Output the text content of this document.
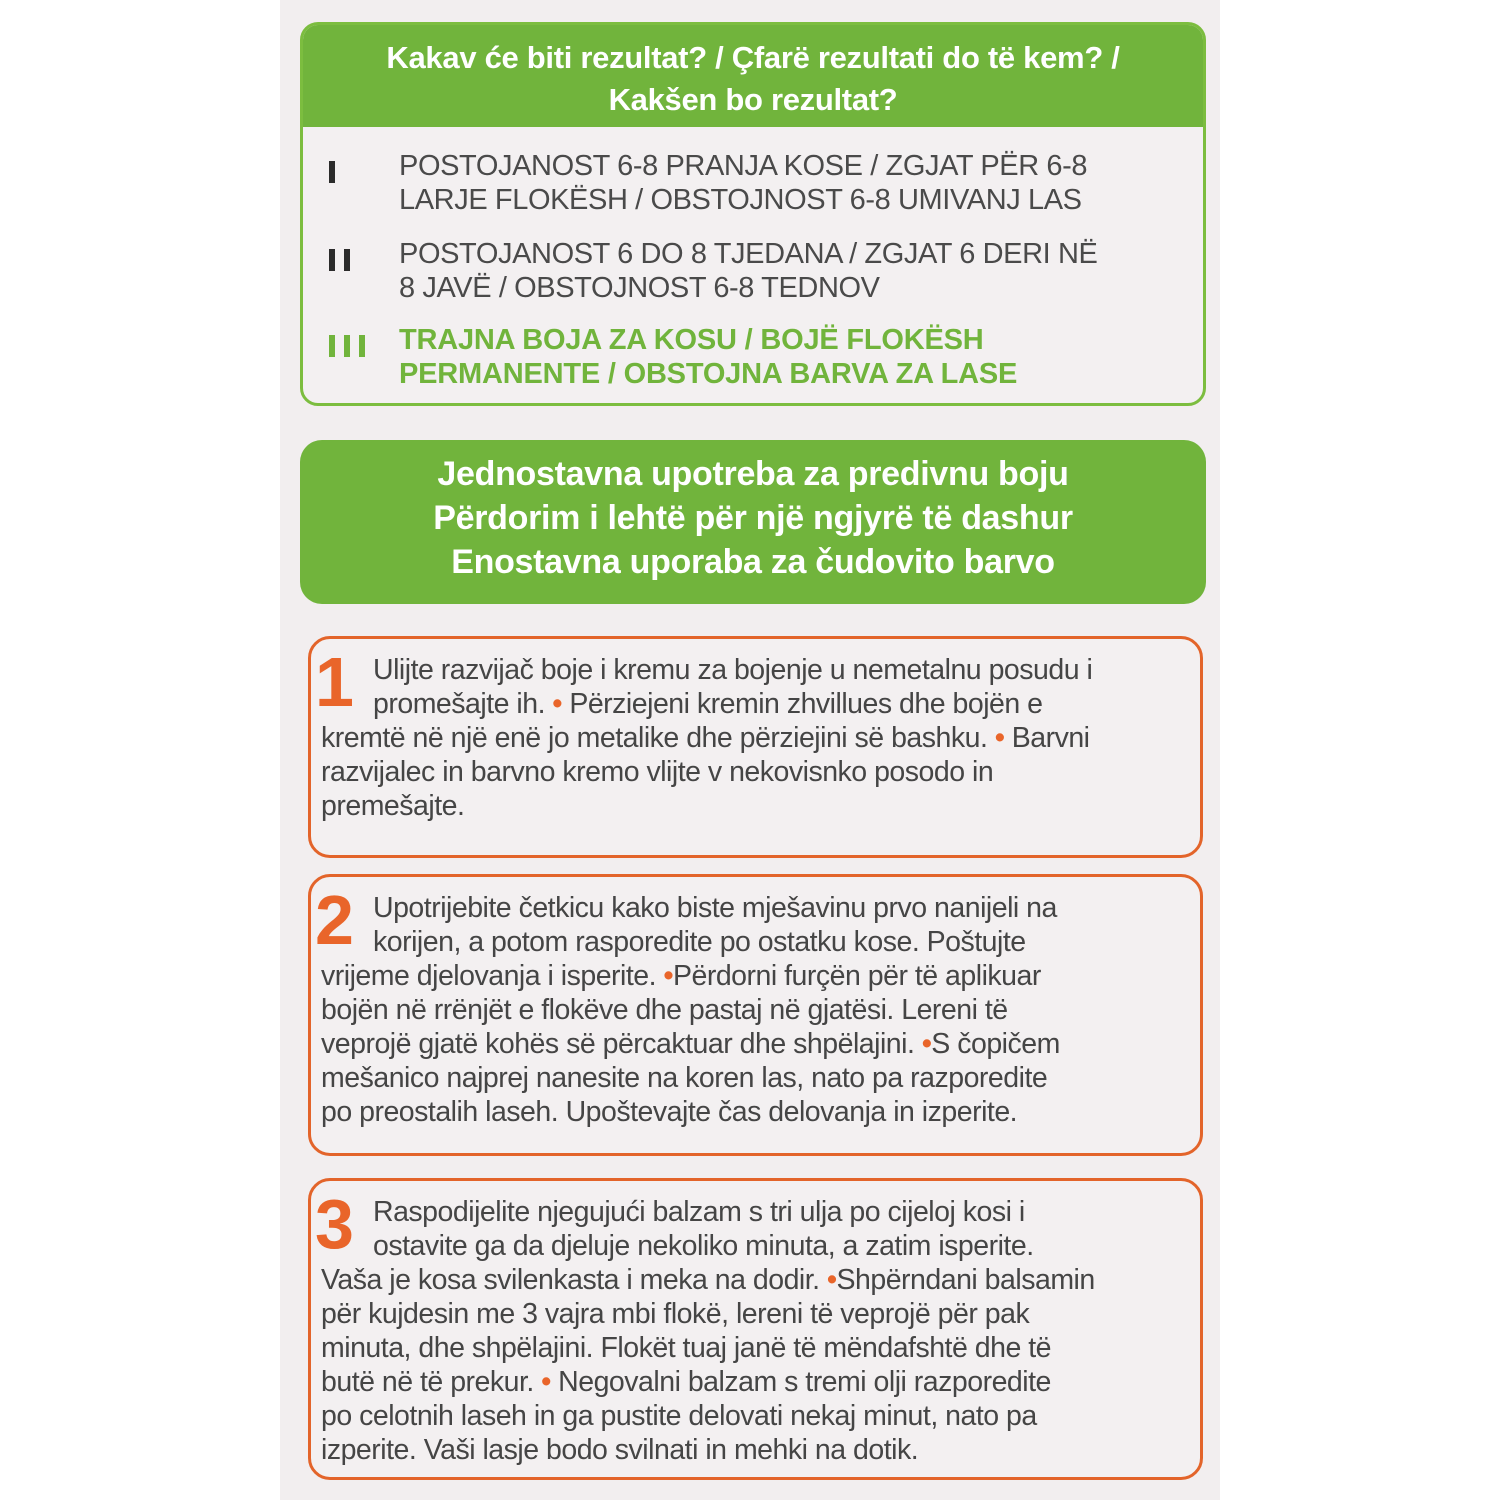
Kakav će biti rezultat? / Çfarë rezultati do të kem? /
Kakšen bo rezultat?
POSTOJANOST 6-8 PRANJA KOSE / ZGJAT PËR 6-8
LARJE FLOKËSH / OBSTOJNOST 6-8 UMIVANJ LAS
POSTOJANOST 6 DO 8 TJEDANA / ZGJAT 6 DERI NË
8 JAVË / OBSTOJNOST 6-8 TEDNOV
TRAJNA BOJA ZA KOSU / BOJË FLOKËSH
PERMANENTE / OBSTOJNA BARVA ZA LASE
Jednostavna upotreba za predivnu boju
Përdorim i lehtë për një ngjyrë të dashur
Enostavna uporaba za čudovito barvo
1 Ulijte razvijač boje i kremu za bojenje u nemetalnu posudu i
promešajte ih. • Përziejeni kremin zhvillues dhe bojën e
kremtë në një enë jo metalike dhe përziejini së bashku. • Barvni
razvijalec in barvno kremo vlijte v nekovisnko posodo in
premešajte.
2 Upotrijebite četkicu kako biste mješavinu prvo nanijeli na
korijen, a potom rasporedite po ostatku kose. Poštujte
vrijeme djelovanja i isperite. •Përdorni furçën për të aplikuar
bojën në rrënjët e flokëve dhe pastaj në gjatësi. Lereni të
veprojë gjatë kohës së përcaktuar dhe shpëlajini. •S čopičem
mešanico najprej nanesite na koren las, nato pa razporedite
po preostalih laseh. Upoštevajte čas delovanja in izperite.
3 Raspodijelite njegujući balzam s tri ulja po cijeloj kosi i
ostavite ga da djeluje nekoliko minuta, a zatim isperite.
Vaša je kosa svilenkasta i meka na dodir. •Shpërndani balsamin
për kujdesin me 3 vajra mbi flokë, lereni të veprojë për pak
minuta, dhe shpëlajini. Flokët tuaj janë të mëndafshtë dhe të
butë në të prekur. • Negovalni balzam s tremi olji razporedite
po celotnih laseh in ga pustite delovati nekaj minut, nato pa
izperite. Vaši lasje bodo svilnati in mehki na dotik.
